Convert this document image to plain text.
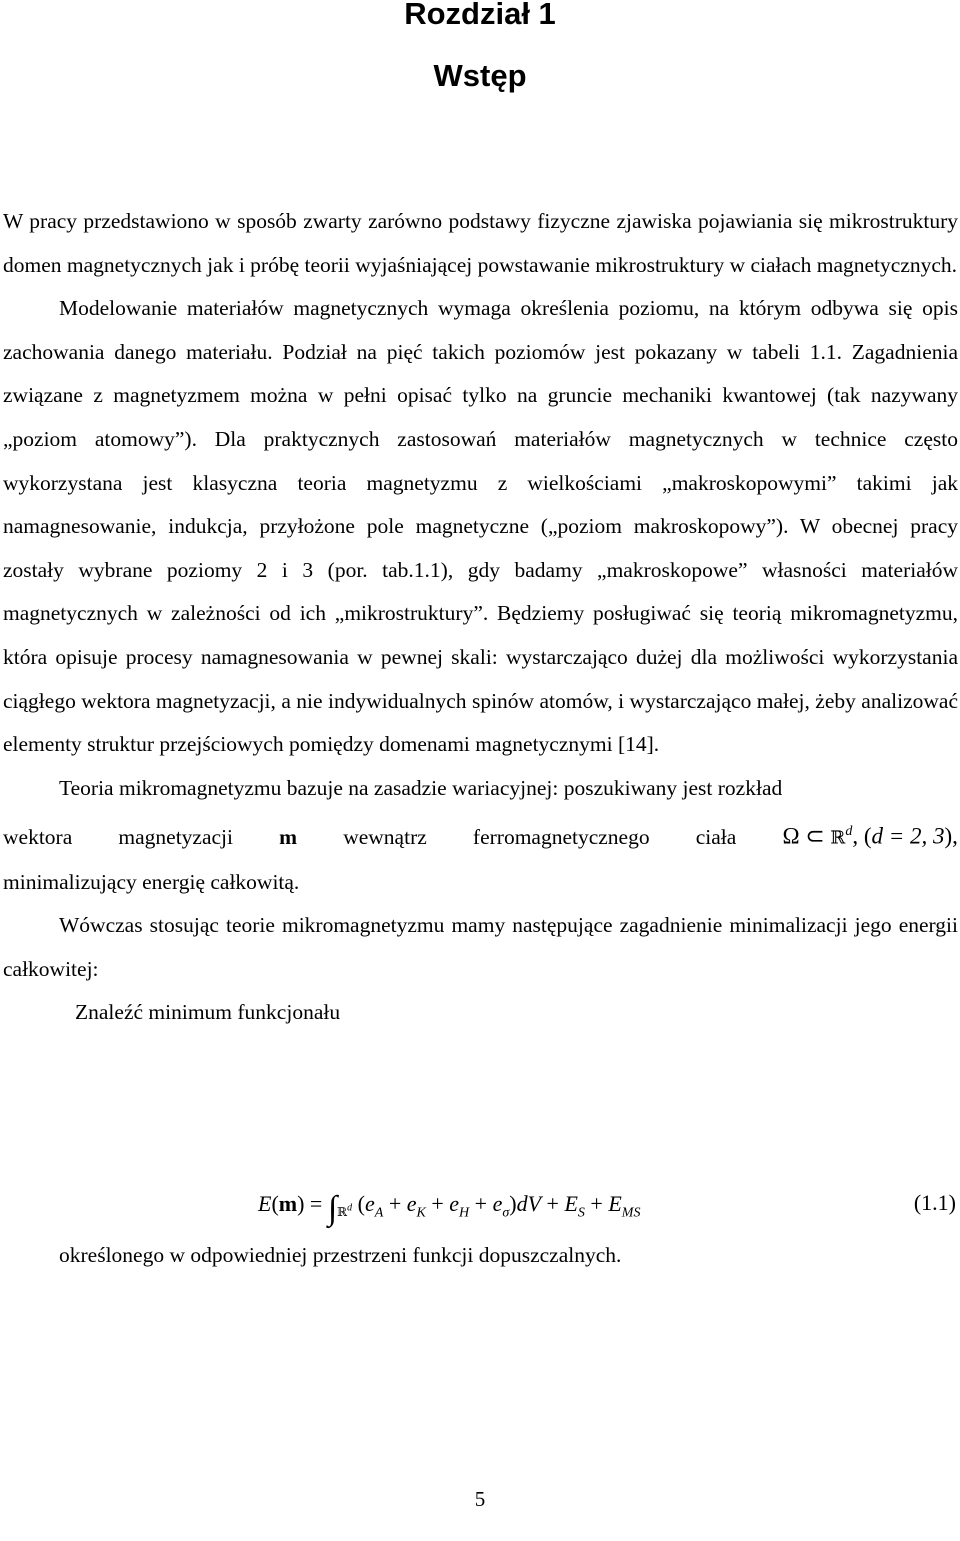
Rozdział 1
Wstęp

W pracy przedstawiono w sposób zwarty zarówno podstawy fizyczne zjawiska pojawiania się mikrostruktury domen magnetycznych jak i próbę teorii wyjaśniającej powstawanie mikrostruktury w ciałach magnetycznych.

Modelowanie materiałów magnetycznych wymaga określenia poziomu, na którym odbywa się opis zachowania danego materiału. Podział na pięć takich poziomów jest pokazany w tabeli 1.1. Zagadnienia związane z magnetyzmem można w pełni opisać tylko na gruncie mechaniki kwantowej (tak nazywany „poziom atomowy”). Dla praktycznych zastosowań materiałów magnetycznych w technice często wykorzystana jest klasyczna teoria magnetyzmu z wielkościami „makroskopowymi” takimi jak namagnesowanie, indukcja, przyłożone pole magnetyczne („poziom makroskopowy”). W obecnej pracy zostały wybrane poziomy 2 i 3 (por. tab.1.1), gdy badamy „makroskopowe” własności materiałów magnetycznych w zależności od ich „mikrostruktury”. Będziemy posługiwać się teorią mikromagnetyzmu, która opisuje procesy namagnesowania w pewnej skali: wystarczająco dużej dla możliwości wykorzystania ciągłego wektora magnetyzacji, a nie indywidualnych spinów atomów, i wystarczająco małej, żeby analizować elementy struktur przejściowych pomiędzy domenami magnetycznymi [14].

Teoria mikromagnetyzmu bazuje na zasadzie wariacyjnej: poszukiwany jest rozkład

wektora magnetyzacji m wewnątrz ferromagnetycznego ciała Ω ⊂ ℝ$^d$, (d = 2, 3),

minimalizujący energię całkowitą.

Wówczas stosując teorie mikromagnetyzmu mamy następujące zagadnienie minimalizacji jego energii całkowitej:

Znaleźć minimum funkcjonału

$E(m) = \int_{ℝ^d}$ $(e_A + e_K + e_H + e_\sigma)dV + E_S + E_{MS}$	(1.1)
określonego w odpowiedniej przestrzeni funkcji dopuszczalnych.
5
